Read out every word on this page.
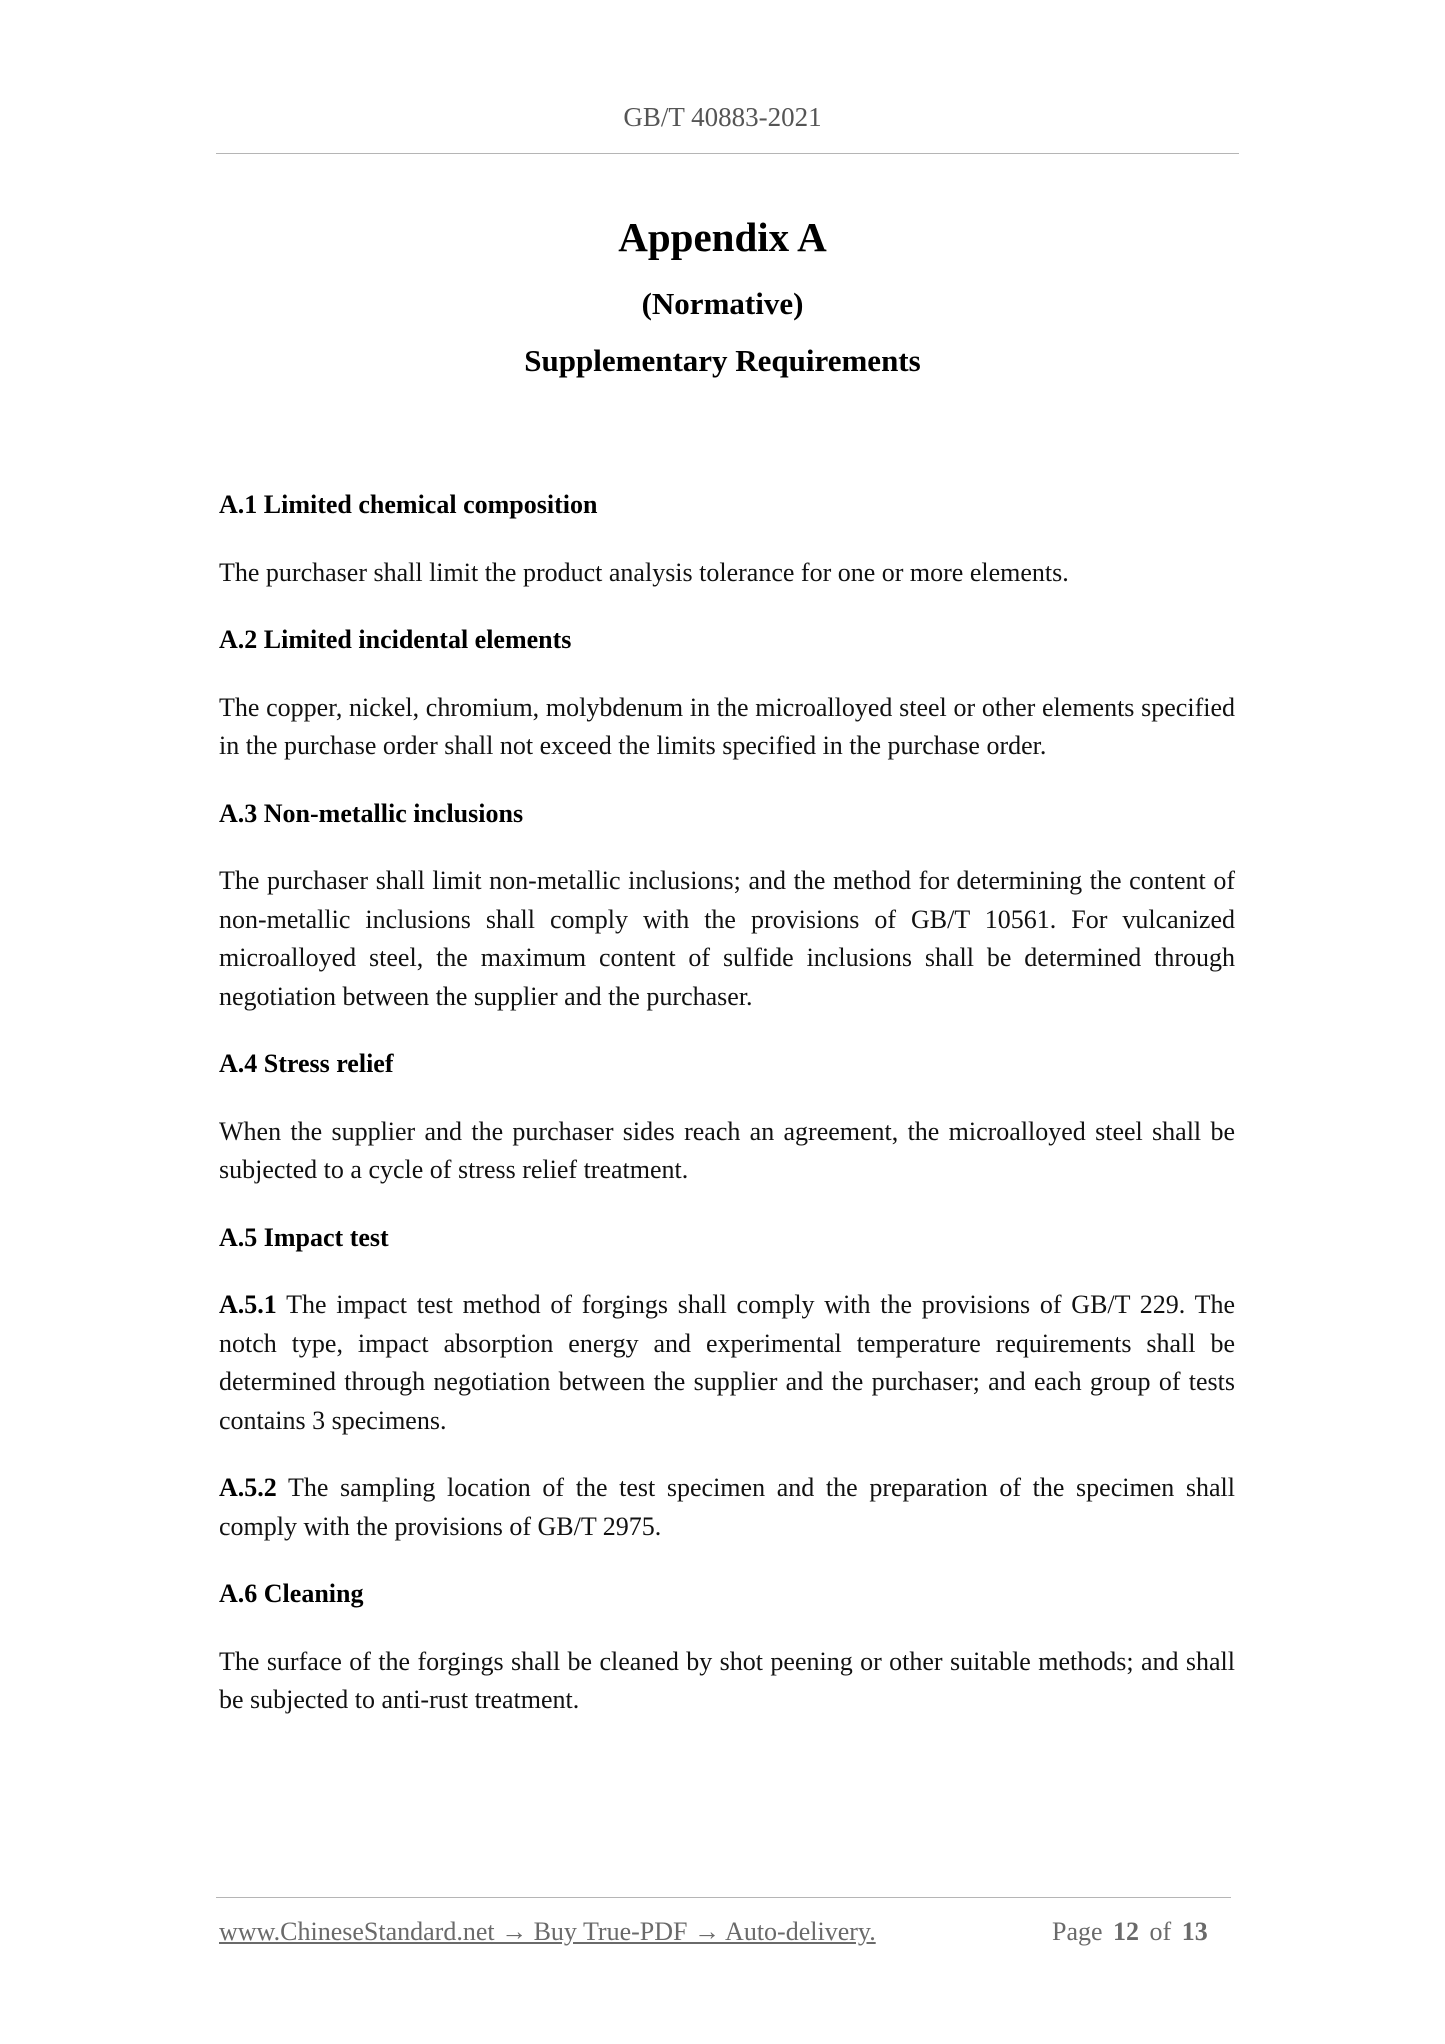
GB/T 40883-2021
Appendix A
(Normative)
Supplementary Requirements
A.1 Limited chemical composition
The purchaser shall limit the product analysis tolerance for one or more elements.
A.2 Limited incidental elements
The copper, nickel, chromium, molybdenum in the microalloyed steel or other elements specified in the purchase order shall not exceed the limits specified in the purchase order.
A.3 Non-metallic inclusions
The purchaser shall limit non-metallic inclusions; and the method for determining the content of non-metallic inclusions shall comply with the provisions of GB/T 10561. For vulcanized microalloyed steel, the maximum content of sulfide inclusions shall be determined through negotiation between the supplier and the purchaser.
A.4 Stress relief
When the supplier and the purchaser sides reach an agreement, the microalloyed steel shall be subjected to a cycle of stress relief treatment.
A.5 Impact test
A.5.1 The impact test method of forgings shall comply with the provisions of GB/T 229. The notch type, impact absorption energy and experimental temperature requirements shall be determined through negotiation between the supplier and the purchaser; and each group of tests contains 3 specimens.
A.5.2 The sampling location of the test specimen and the preparation of the specimen shall comply with the provisions of GB/T 2975.
A.6 Cleaning
The surface of the forgings shall be cleaned by shot peening or other suitable methods; and shall be subjected to anti-rust treatment.
www.ChineseStandard.net → Buy True-PDF → Auto-delivery.	Page 12 of 13
